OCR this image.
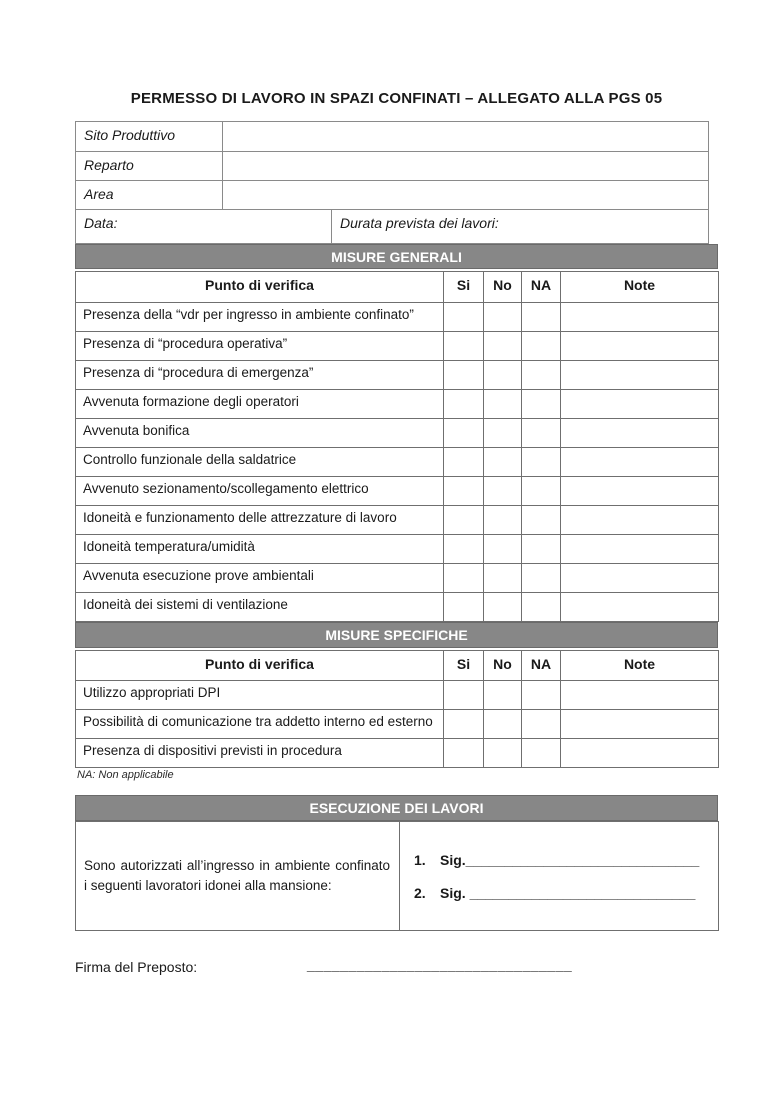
PERMESSO DI LAVORO IN SPAZI CONFINATI – ALLEGATO ALLA PGS 05
Sito Produttivo		
Reparto		
Area		
Data:		Durata prevista dei lavori:
MISURE GENERALI
Punto di verifica	Si	No	NA	Note
Presenza della “vdr per ingresso in ambiente confinato”				
Presenza di “procedura operativa”				
Presenza di “procedura di emergenza”				
Avvenuta formazione degli operatori				
Avvenuta bonifica				
Controllo funzionale della saldatrice				
Avvenuto sezionamento/scollegamento elettrico				
Idoneità e funzionamento delle attrezzature di lavoro				
Idoneità temperatura/umidità				
Avvenuta esecuzione prove ambientali				
Idoneità dei sistemi di ventilazione				
MISURE SPECIFICHE
Punto di verifica	Si	No	NA	Note
Utilizzo appropriati DPI				
Possibilità di comunicazione tra addetto interno ed esterno				
Presenza di dispositivi previsti in procedura				
NA: Non applicabile
ESECUZIONE DEI LAVORI
Sono autorizzati all’ingresso in ambiente confinato i seguenti lavoratori idonei alla mansione:

1. Sig.______________________________
2. Sig. _____________________________
Firma del Preposto:	________________________________
